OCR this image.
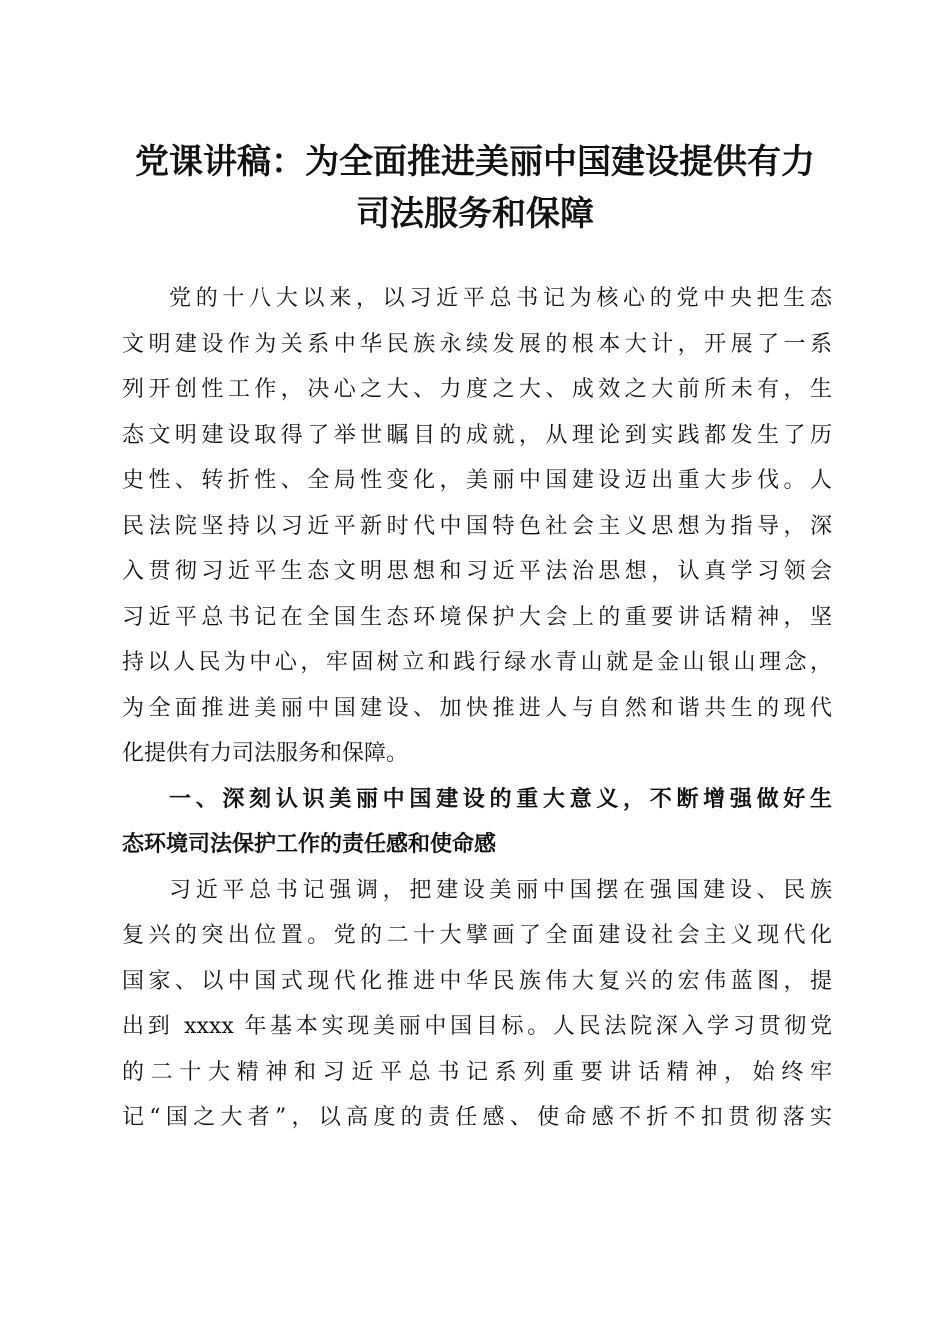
党课讲稿：为全面推进美丽中国建设提供有力
司法服务和保障
党的十八大以来，以习近平总书记为核心的党中央把生态
文明建设作为关系中华民族永续发展的根本大计，开展了一系
列开创性工作，决心之大、力度之大、成效之大前所未有，生
态文明建设取得了举世瞩目的成就，从理论到实践都发生了历
史性、转折性、全局性变化，美丽中国建设迈出重大步伐。人
民法院坚持以习近平新时代中国特色社会主义思想为指导，深
入贯彻习近平生态文明思想和习近平法治思想，认真学习领会
习近平总书记在全国生态环境保护大会上的重要讲话精神，坚
持以人民为中心，牢固树立和践行绿水青山就是金山银山理念，
为全面推进美丽中国建设、加快推进人与自然和谐共生的现代
化提供有力司法服务和保障。
一、深刻认识美丽中国建设的重大意义，不断增强做好生
态环境司法保护工作的责任感和使命感
习近平总书记强调，把建设美丽中国摆在强国建设、民族
复兴的突出位置。党的二十大擘画了全面建设社会主义现代化
国家、以中国式现代化推进中华民族伟大复兴的宏伟蓝图，提
出到 xxxx 年基本实现美丽中国目标。人民法院深入学习贯彻党
的二十大精神和习近平总书记系列重要讲话精神，始终牢
记“国之大者”，以高度的责任感、使命感不折不扣贯彻落实
